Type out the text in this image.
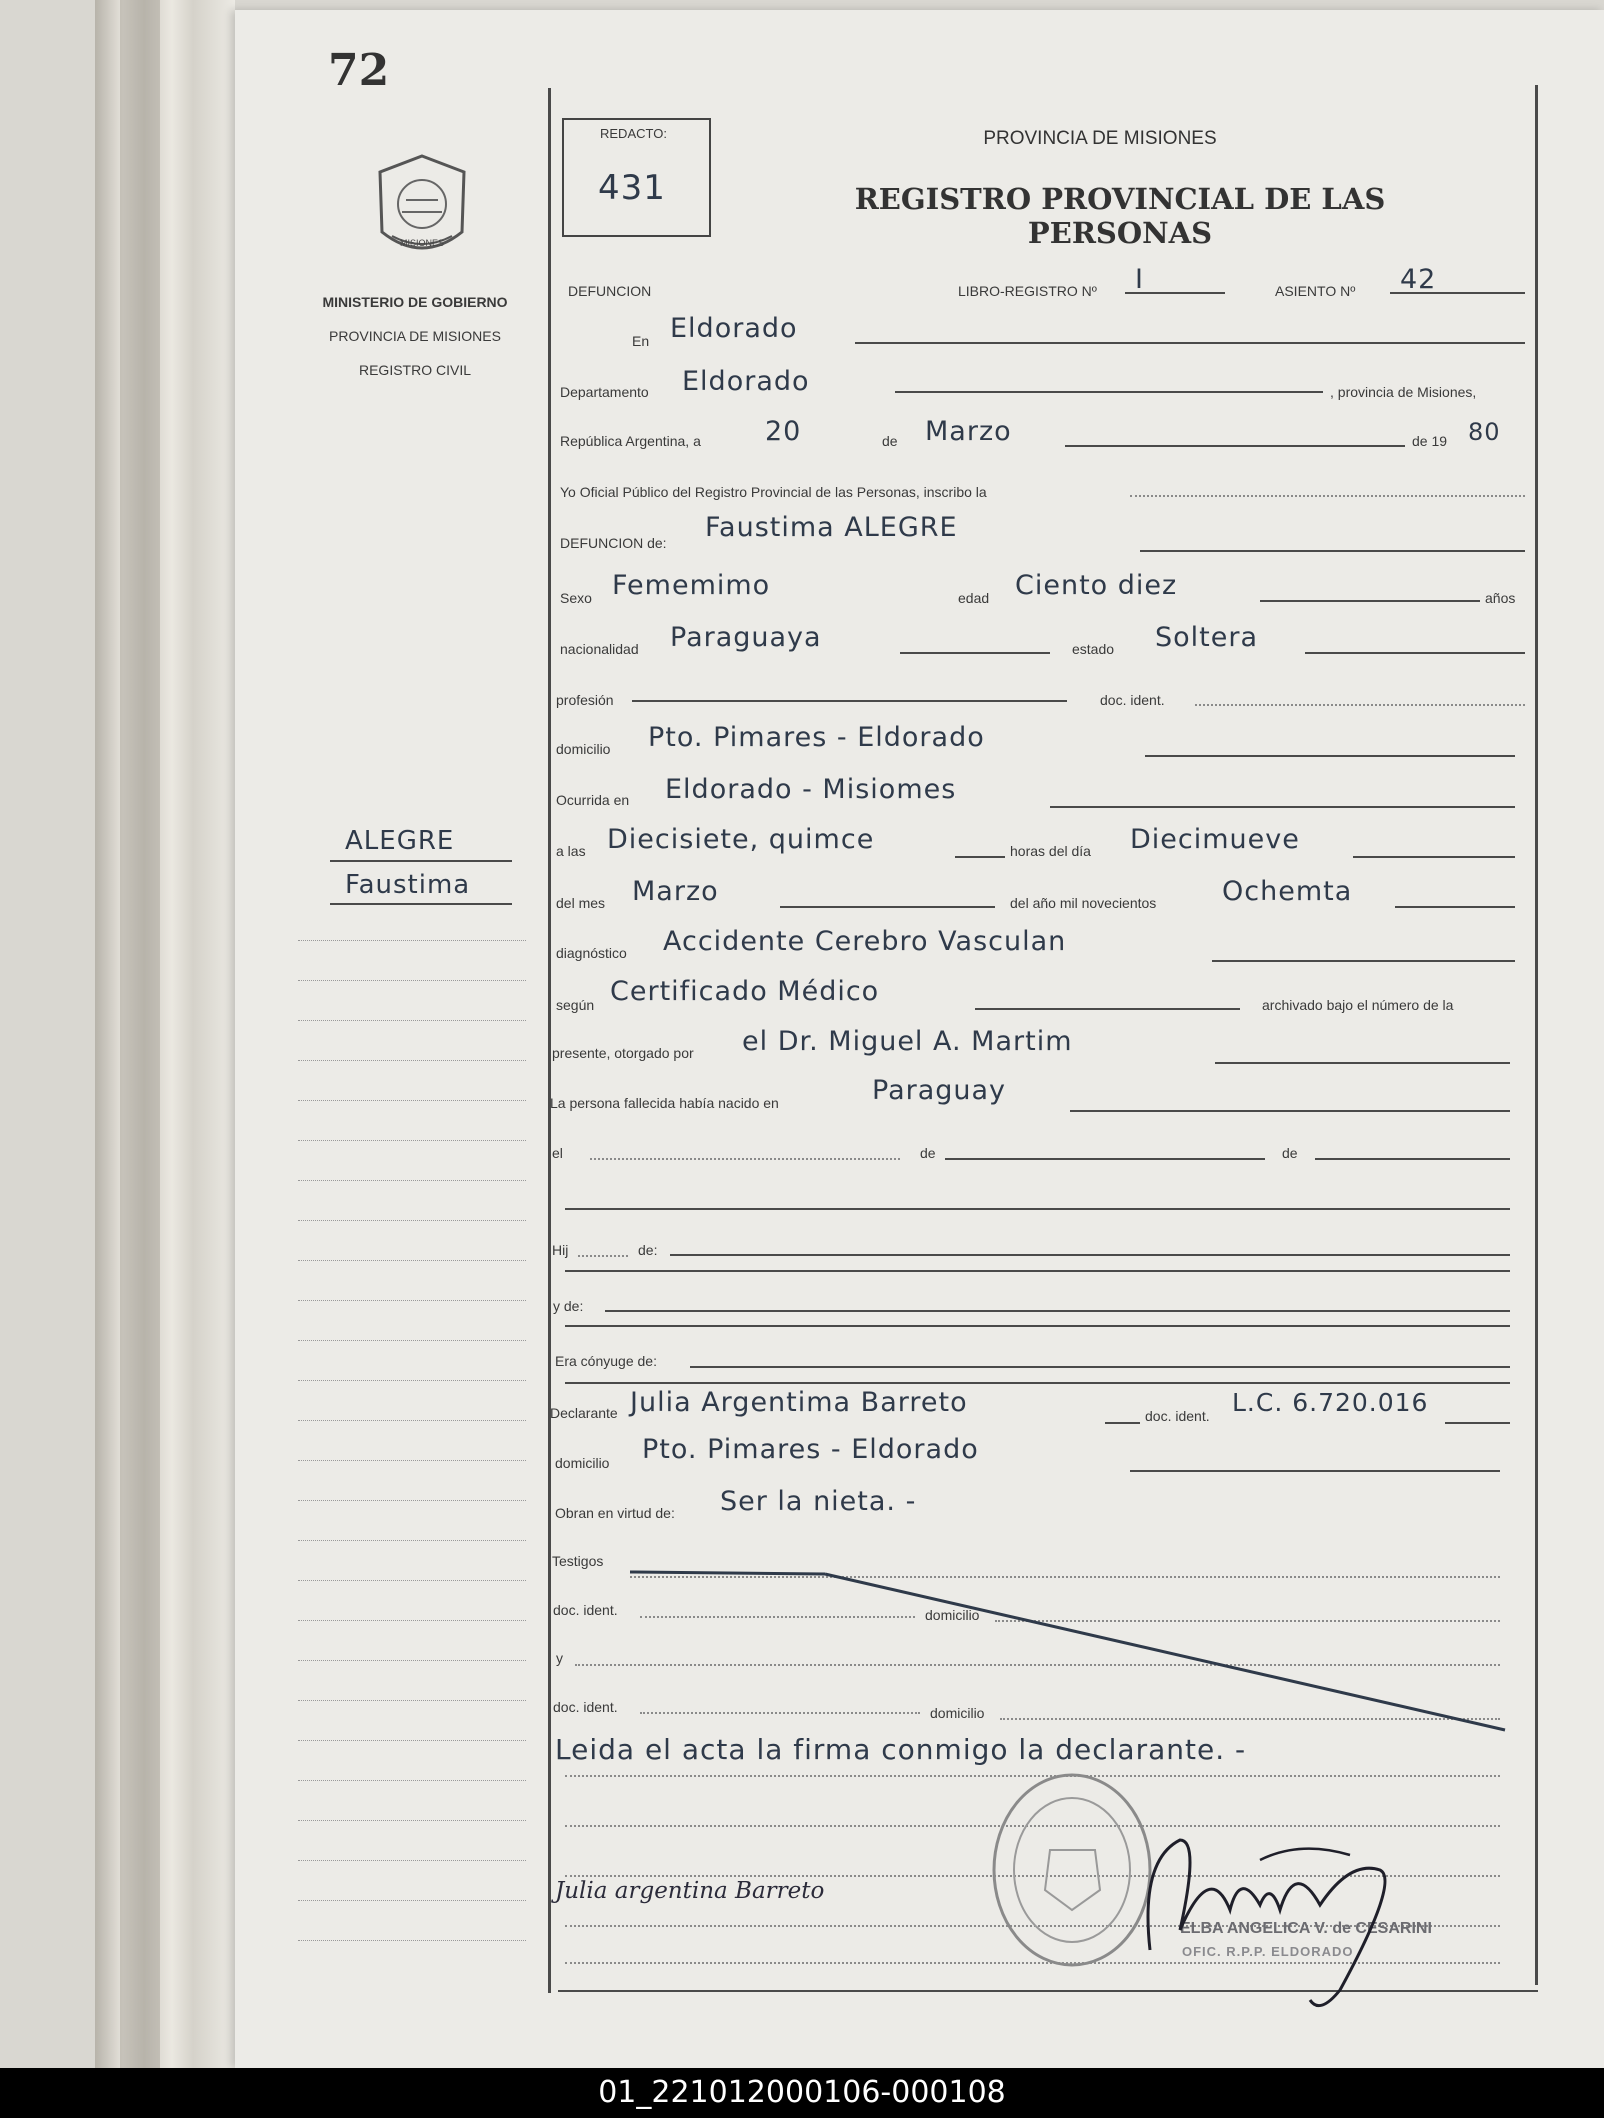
72
MISIONES
MINISTERIO DE GOBIERNO
PROVINCIA DE MISIONES
REGISTRO CIVIL
ALEGRE
Faustima
REDACTO:
431
PROVINCIA DE MISIONES
REGISTRO PROVINCIAL DE LAS PERSONAS
DEFUNCION	LIBRO-REGISTRO Nº I	ASIENTO Nº 42
En Eldorado
Departamento Eldorado	, provincia de Misiones,
República Argentina, a 20	de Marzo	de 19 80
Yo Oficial Público del Registro Provincial de las Personas, inscribo la
DEFUNCION de: Faustima ALEGRE
Sexo Fememimo	edad Ciento diez	años
nacionalidad Paraguaya	estado Soltera
profesión	doc. ident.
domicilio Pto. Pimares - Eldorado
Ocurrida en Eldorado - Misiomes
a las Diecisiete, quimce	horas del día Diecimueve
del mes Marzo	del año mil novecientos Ochemta
diagnóstico Accidente Cerebro Vasculan
según Certificado Médico	archivado bajo el número de la
presente, otorgado por el Dr. Miguel A. Martim
La persona fallecida había nacido en	Paraguay
el	de	de
Hij	de:
y de:
Era cónyuge de:
Declarante Julia Argentima Barreto	doc. ident. L.C. 6.720.016
domicilio Pto. Pimares - Eldorado
Obran en virtud de: Ser la nieta. -
Testigos
doc. ident.	domicilio
y
doc. ident.	domicilio
Leida el acta la firma conmigo la declarante. -
Julia argentina Barreto
ELBA ANGELICA V. de CESARINI
OFIC. R.P.P. ELDORADO
01_221012000106-000108
